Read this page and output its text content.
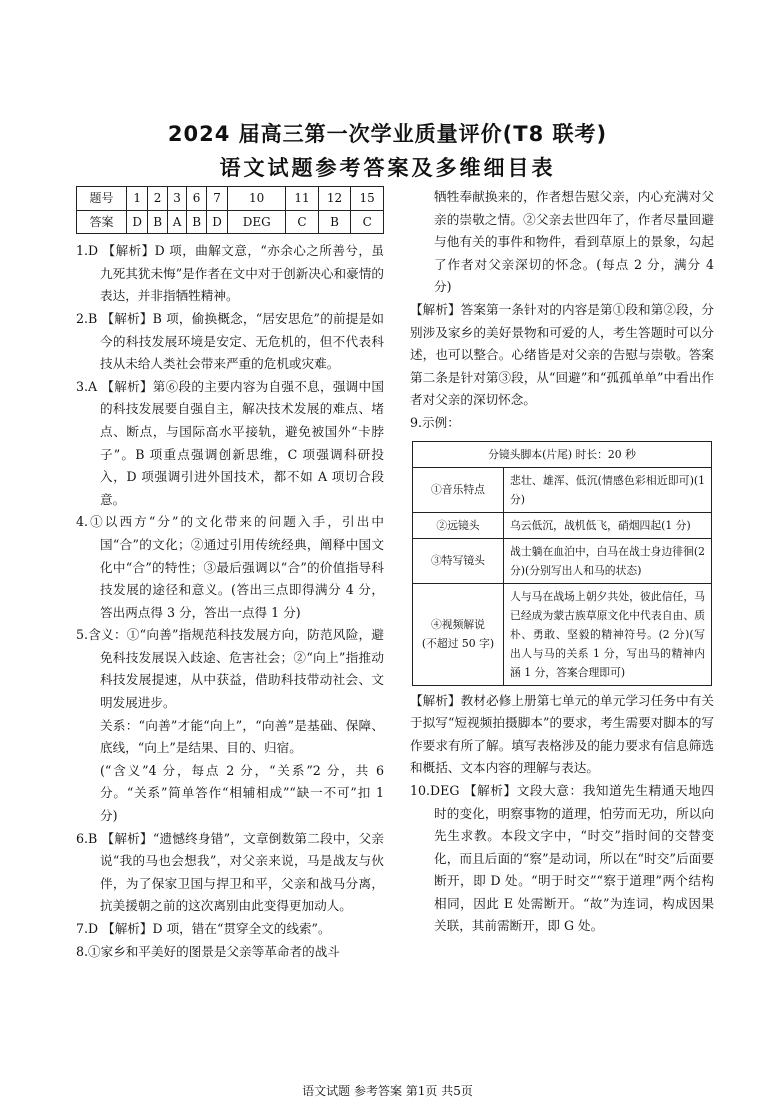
2024 届高三第一次学业质量评价(T8 联考)
语文试题参考答案及多维细目表
题号	1	2	3	6	7	10	11	12	15
答案	D	B	A	B	D	DEG	C	B	C

1.D 【解析】D 项，曲解文意，“亦余心之所善兮，虽九死其犹未悔”是作者在文中对于创新决心和豪情的表达，并非指牺牲精神。

2.B 【解析】B 项，偷换概念，“居安思危”的前提是如今的科技发展环境是安定、无危机的，但不代表科技从未给人类社会带来严重的危机或灾难。

3.A 【解析】第⑥段的主要内容为自强不息，强调中国的科技发展要自强自主，解决技术发展的难点、堵点、断点，与国际高水平接轨，避免被国外“卡脖子”。B 项重点强调创新思维，C 项强调科研投入，D 项强调引进外国技术，都不如 A 项切合段意。

4.①以西方“分”的文化带来的问题入手，引出中国“合”的文化；②通过引用传统经典，阐释中国文化中“合”的特性；③最后强调以“合”的价值指导科技发展的途径和意义。(答出三点即得满分 4 分，答出两点得 3 分，答出一点得 1 分)

5.含义：①“向善”指规范科技发展方向，防范风险，避免科技发展误入歧途、危害社会；②“向上”指推动科技发展提速，从中获益，借助科技带动社会、文明发展进步。

关系：“向善”才能“向上”，“向善”是基础、保障、底线，“向上”是结果、目的、归宿。

(“含义”4 分，每点 2 分，“关系”2 分，共 6 分。“关系”简单答作“相辅相成”“缺一不可”扣 1 分)

6.B 【解析】“遗憾终身错”，文章倒数第二段中，父亲说“我的马也会想我”，对父亲来说，马是战友与伙伴，为了保家卫国与捍卫和平，父亲和战马分离，抗美援朝之前的这次离别由此变得更加动人。

7.D 【解析】D 项，错在“贯穿全文的线索”。

8.①家乡和平美好的图景是父亲等革命者的战斗

牺牲奉献换来的，作者想告慰父亲，内心充满对父亲的崇敬之情。②父亲去世四年了，作者尽量回避与他有关的事件和物件，看到草原上的景象，勾起了作者对父亲深切的怀念。(每点 2 分，满分 4 分)

【解析】答案第一条针对的内容是第①段和第②段，分别涉及家乡的美好景物和可爱的人，考生答题时可以分述，也可以整合。心绪皆是对父亲的告慰与崇敬。答案第二条是针对第③段，从“回避”和“孤孤单单”中看出作者对父亲的深切怀念。

9.示例：

分镜头脚本(片尾) 时长：20 秒	
①音乐特点	悲壮、雄浑、低沉(情感色彩相近即可)(1 分)
②远镜头	乌云低沉，战机低飞，硝烟四起(1 分)
③特写镜头	战士躺在血泊中，白马在战士身边徘徊(2 分)(分别写出人和马的状态)

④视频解说
(不超过 50 字)	人与马在战场上朝夕共处，彼此信任，马已经成为蒙古族草原文化中代表自由、质朴、勇敢、坚毅的精神符号。(2 分)(写出人与马的关系 1 分，写出马的精神内涵 1 分，答案合理即可)

【解析】教材必修上册第七单元的单元学习任务中有关于拟写“短视频拍摄脚本”的要求，考生需要对脚本的写作要求有所了解。填写表格涉及的能力要求有信息筛选和概括、文本内容的理解与表达。

10.DEG 【解析】文段大意：我知道先生精通天地四时的变化，明察事物的道理，怕劳而无功，所以向先生求教。本段文字中，“时交”指时间的交替变化，而且后面的“察”是动词，所以在“时交”后面要断开，即 D 处。“明于时交”“察于道理”两个结构相同，因此 E 处需断开。“故”为连词，构成因果关联，其前需断开，即 G 处。

语文试题 参考答案 第1页 共5页
